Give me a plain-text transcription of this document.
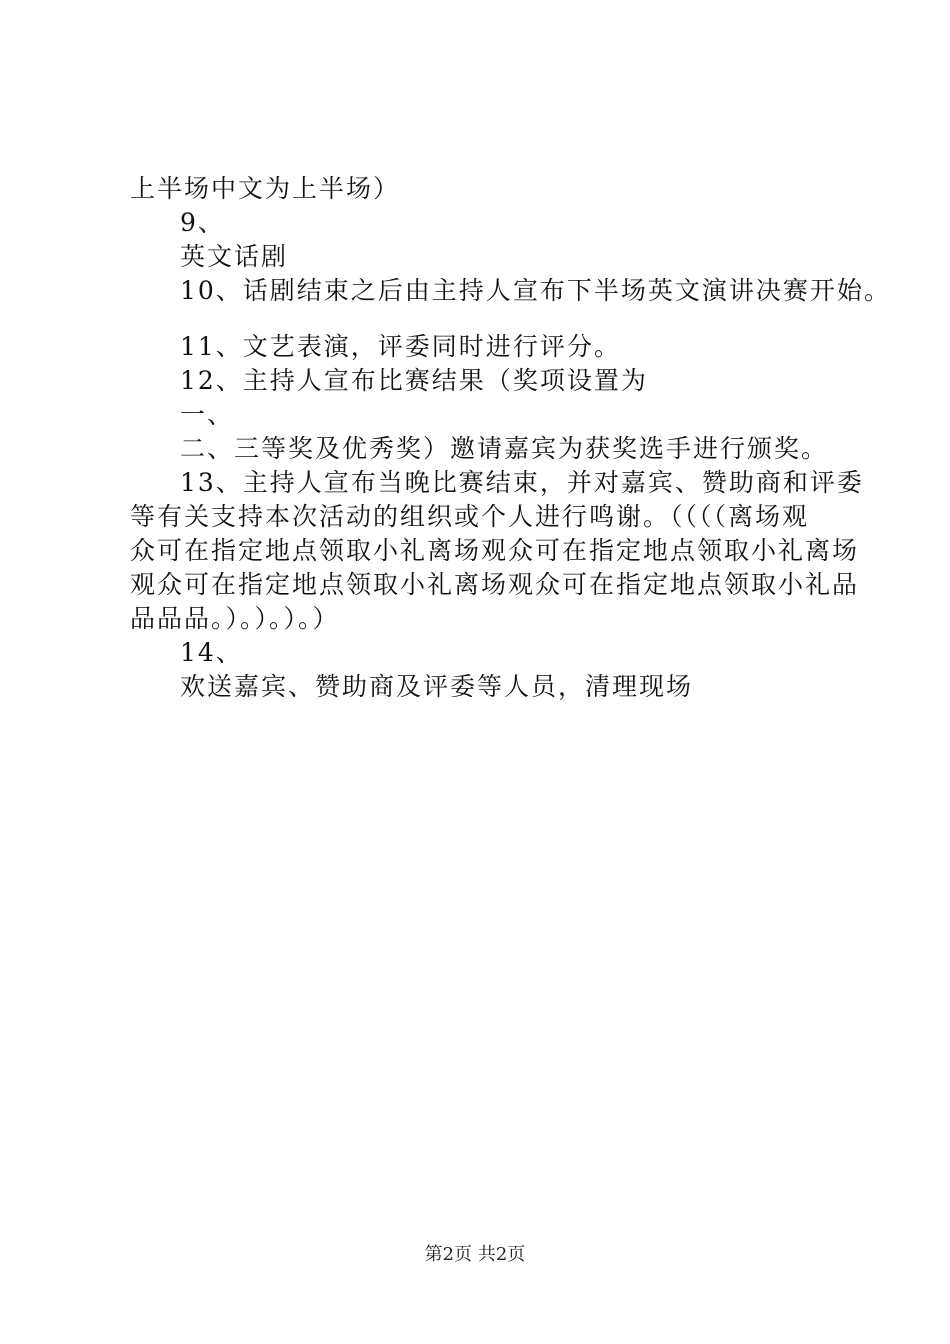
上半场中文为上半场）
9、
英文话剧
10、话剧结束之后由主持人宣布下半场英文演讲决赛开始。
11、文艺表演，评委同时进行评分。
12、主持人宣布比赛结果（奖项设置为
一、
二、三等奖及优秀奖）邀请嘉宾为获奖选手进行颁奖。
13、主持人宣布当晚比赛结束，并对嘉宾、赞助商和评委
等有关支持本次活动的组织或个人进行鸣谢。（（（（离场观
众可在指定地点领取小礼离场观众可在指定地点领取小礼离场
观众可在指定地点领取小礼离场观众可在指定地点领取小礼品
品品品。）。）。）。）
14、
欢送嘉宾、赞助商及评委等人员，清理现场
第2页 共2页
